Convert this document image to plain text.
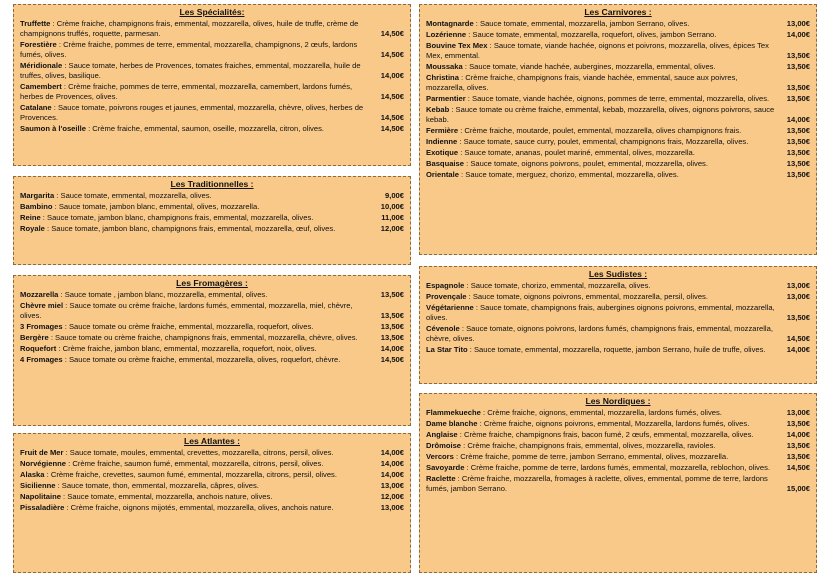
Les Spécialités:
Truffette : Crème fraiche, champignons frais, emmental, mozzarella, olives, huile de truffe, crème de champignons truffés, roquette, parmesan.	14,50€
Forestière : Crème fraiche, pommes de terre, emmental, mozzarella, champignons, 2 œufs, lardons fumés, olives.	14,50€
Méridionale : Sauce tomate, herbes de Provences, tomates fraiches, emmental, mozzarella, huile de truffes, olives, basilique.	14,00€
Camembert : Crème fraiche, pommes de terre, emmental, mozzarella, camembert, lardons fumés, herbes de Provences, olives.	14,50€
Catalane : Sauce tomate, poivrons rouges et jaunes, emmental, mozzarella, chèvre, olives, herbes de Provences.	14,50€
Saumon à l'oseille : Crème fraiche, emmental, saumon, oseille, mozzarella, citron, olives.	14,50€
Les Traditionnelles :
Margarita : Sauce tomate, emmental, mozzarella, olives.	9,00€
Bambino : Sauce tomate, jambon blanc, emmental, olives, mozzarella.	10,00€
Reine : Sauce tomate, jambon blanc, champignons frais, emmental, mozzarella, olives.	11,00€
Royale : Sauce tomate, jambon blanc, champignons frais, emmental, mozzarella, œuf, olives.	12,00€
Les Fromagères :
Mozzarella : Sauce tomate , jambon blanc, mozzarella, emmental, olives.	13,50€
Chèvre miel : Sauce tomate ou crème fraiche, lardons fumés, emmental, mozzarella, miel, chèvre, olives.	13,50€
3 Fromages : Sauce tomate ou crème fraiche, emmental, mozzarella, roquefort, olives.	13,50€
Bergère : Sauce tomate ou crème fraiche, champignons frais, emmental, mozzarella, chèvre, olives.	13,50€
Roquefort : Crème fraiche, jambon blanc, emmental, mozzarella, roquefort, noix, olives.	14,00€
4 Fromages : Sauce tomate ou crème fraiche, emmental, mozzarella, olives, roquefort, chèvre.	14,50€
Les Atlantes :
Fruit de Mer : Sauce tomate, moules, emmental, crevettes, mozzarella, citrons, persil, olives.	14,00€
Norvégienne : Crème fraiche, saumon fumé, emmental, mozzarella, citrons, persil, olives.	14,00€
Alaska : Crème fraiche, crevettes, saumon fumé, emmental, mozzarella, citrons, persil, olives.	14,00€
Sicilienne : Sauce tomate, thon, emmental, mozzarella, câpres, olives.	13,00€
Napolitaine : Sauce tomate, emmental, mozzarella, anchois nature, olives.	12,00€
Pissaladière : Crème fraiche, oignons mijotés, emmental, mozzarella, olives, anchois nature.	13,00€
Les Carnivores :
Montagnarde : Sauce tomate, emmental, mozzarella, jambon Serrano, olives.	13,00€
Lozérienne : Sauce tomate, emmental, mozzarella, roquefort, olives, jambon Serrano.	14,00€
Bouvine Tex Mex : Sauce tomate, viande hachée, oignons et poivrons, mozzarella, olives, épices Tex Mex, emmental.	13,50€
Moussaka : Sauce tomate, viande hachée, aubergines, mozzarella, emmental, olives.	13,50€
Christina : Crème fraiche, champignons frais, viande hachée, emmental, sauce aux poivres, mozzarella, olives.	13,50€
Parmentier : Sauce tomate, viande hachée, oignons, pommes de terre, emmental, mozzarella, olives.	13,50€
Kebab : Sauce tomate ou crème fraiche, emmental, kebab, mozzarella, olives, oignons poivrons, sauce kebab.	14,00€
Fermière : Crème fraiche, moutarde, poulet, emmental, mozzarella, olives champignons frais.	13,50€
Indienne : Sauce tomate, sauce curry, poulet, emmental, champignons frais, Mozzarella, olives.	13,50€
Exotique : Sauce tomate, ananas, poulet mariné, emmental, olives, mozzarella.	13,50€
Basquaise : Sauce tomate, oignons poivrons, poulet, emmental, mozzarella, olives.	13,50€
Orientale : Sauce tomate, merguez, chorizo, emmental, mozzarella, olives.	13,50€
Les Sudistes :
Espagnole : Sauce tomate, chorizo, emmental, mozzarella, olives.	13,00€
Provençale : Sauce tomate, oignons poivrons, emmental, mozzarella, persil, olives.	13,00€
Végétarienne : Sauce tomate, champignons frais, aubergines oignons poivrons, emmental, mozzarella, olives.	13,50€
Cévenole : Sauce tomate, oignons poivrons, lardons fumés, champignons frais, emmental, mozzarella, chèvre, olives.	14,50€
La Star Tito : Sauce tomate, emmental, mozzarella, roquette, jambon Serrano, huile de truffe, olives.	14,00€
Les Nordiques :
Flammekueche : Crème fraiche, oignons, emmental, mozzarella, lardons fumés, olives.	13,00€
Dame blanche : Crème fraiche, oignons poivrons, emmental, Mozzarella, lardons fumés, olives.	13,50€
Anglaise : Crème fraiche, champignons frais, bacon fumé, 2 œufs, emmental, mozzarella, olives.	14,00€
Drômoise : Crème fraiche, champignons frais, emmental, olives, mozzarella, ravioles.	13,50€
Vercors : Crème fraiche, pomme de terre, jambon Serrano, emmental, olives, mozzarella.	13,50€
Savoyarde : Crème fraiche, pomme de terre, lardons fumés, emmental, mozzarella, reblochon, olives.	14,50€
Raclette : Crème fraiche, mozzarella, fromages à raclette, olives, emmental, pomme de terre, lardons fumés, jambon Serrano.	15,00€
